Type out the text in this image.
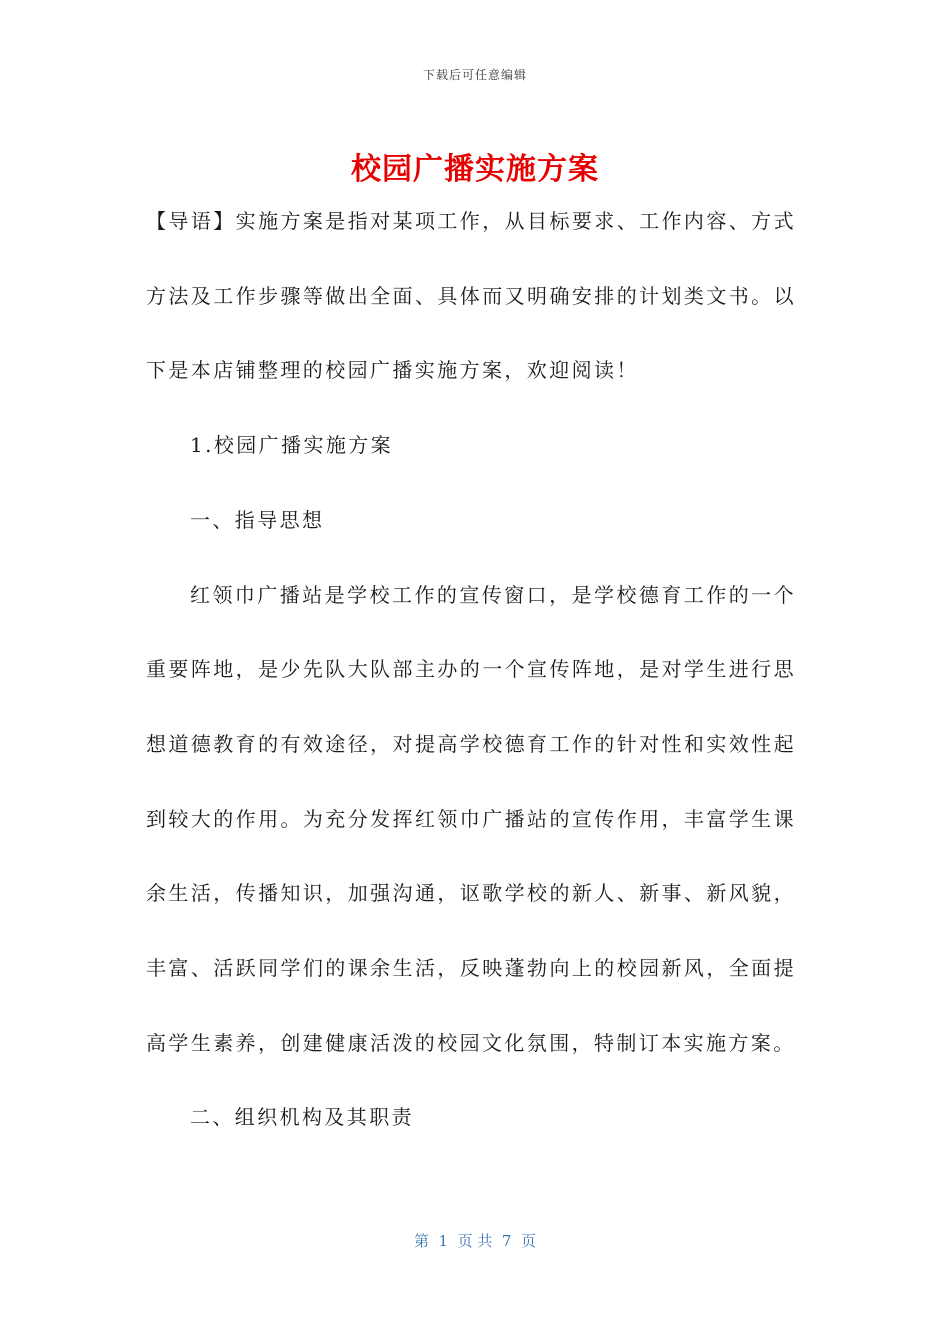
下载后可任意编辑
校园广播实施方案

【导语】实施方案是指对某项工作，从目标要求、工作内容、方式方法及工作步骤等做出全面、具体而又明确安排的计划类文书。以下是本店铺整理的校园广播实施方案，欢迎阅读！

1.校园广播实施方案

一、指导思想

红领巾广播站是学校工作的宣传窗口，是学校德育工作的一个重要阵地，是少先队大队部主办的一个宣传阵地，是对学生进行思想道德教育的有效途径，对提高学校德育工作的针对性和实效性起到较大的作用。为充分发挥红领巾广播站的宣传作用，丰富学生课余生活，传播知识，加强沟通，讴歌学校的新人、新事、新风貌，丰富、活跃同学们的课余生活，反映蓬勃向上的校园新风，全面提高学生素养，创建健康活泼的校园文化氛围，特制订本实施方案。

二、组织机构及其职责

第  1  页 共  7  页
